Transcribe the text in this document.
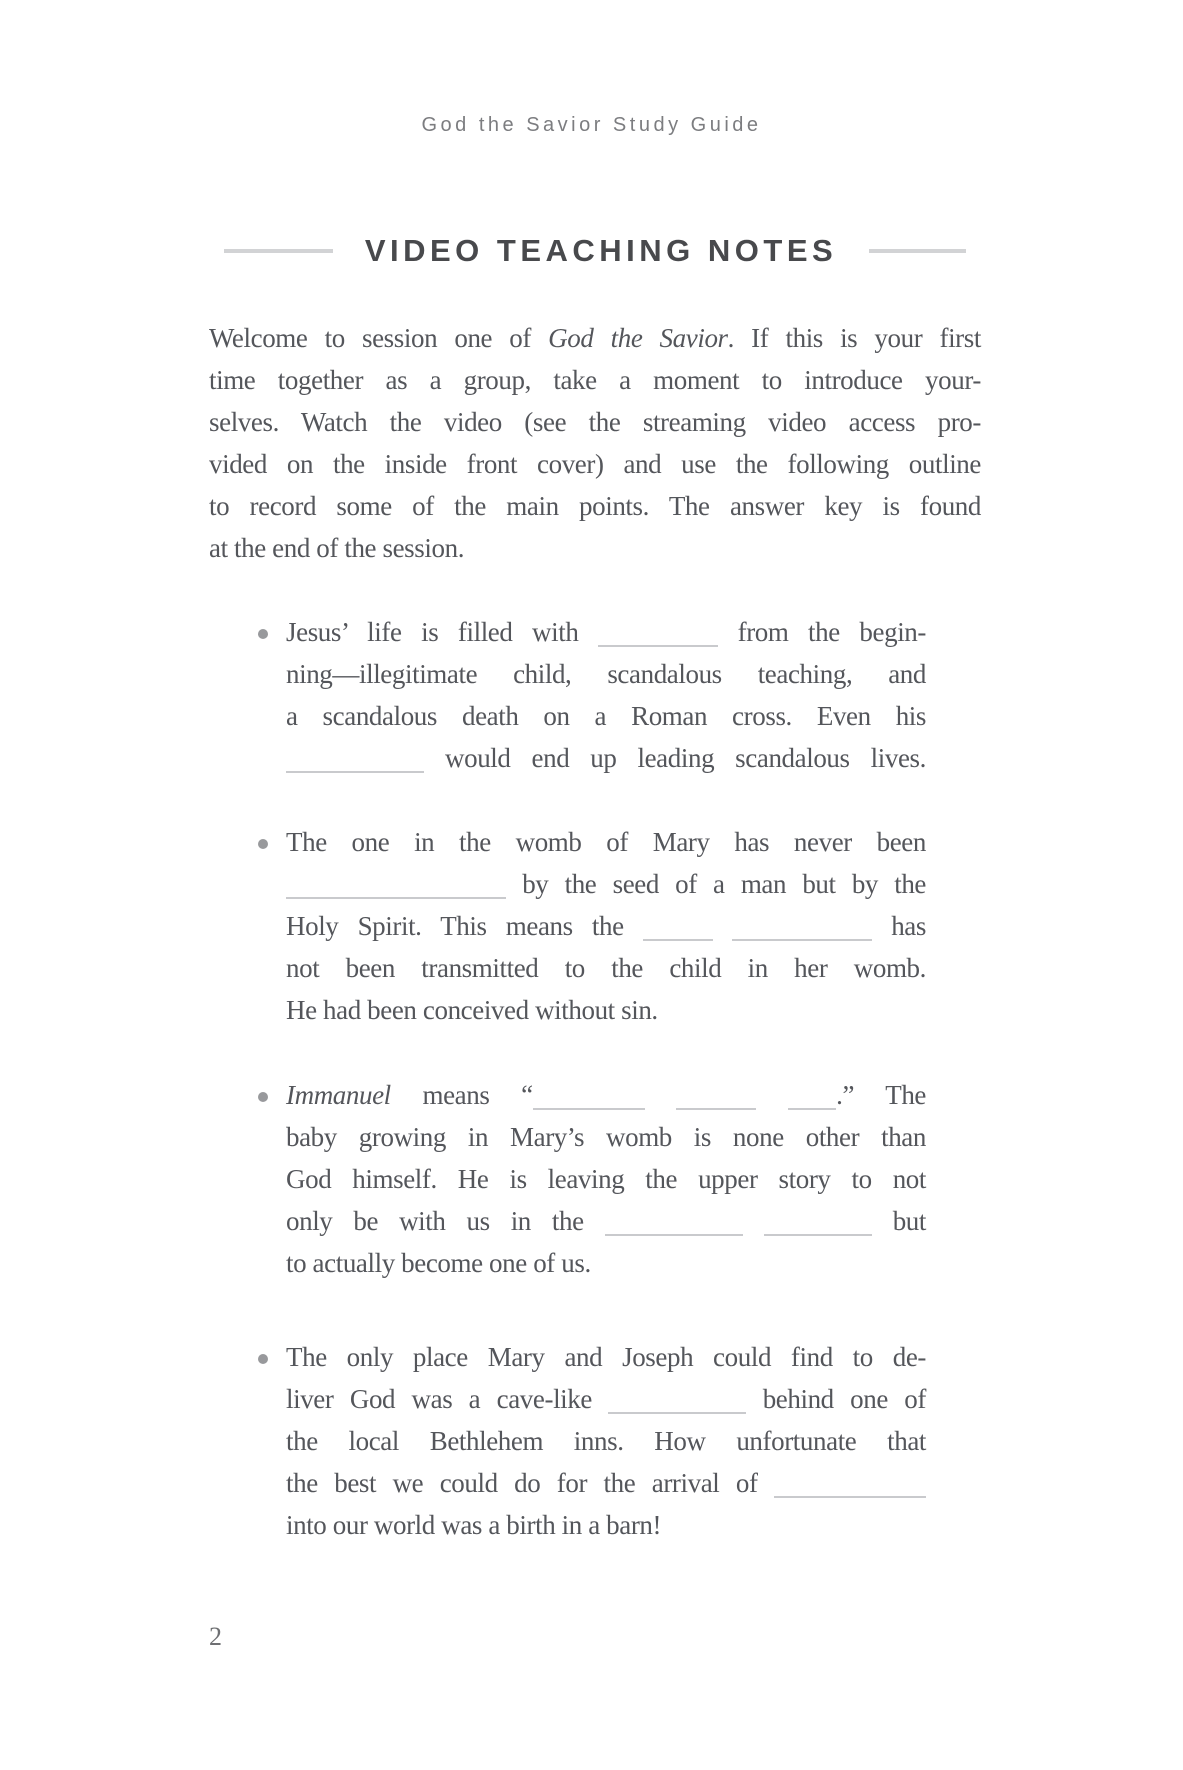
God the Savior Study Guide
VIDEO TEACHING NOTES
Welcome to session one of God the Savior. If this is your first
time together as a group, take a moment to introduce your-
selves. Watch the video (see the streaming video access pro-
vided on the inside front cover) and use the following outline
to record some of the main points. The answer key is found
at the end of the session.
Jesus’ life is filled with	from the begin-
ning—illegitimate child, scandalous teaching, and
a scandalous death on a Roman cross. Even his
would end up leading scandalous lives.
The one in the womb of Mary has never been
by the seed of a man but by the
Holy Spirit. This means the	has
not been transmitted to the child in her womb.
He had been conceived without sin.
Immanuel means “	.” The
baby growing in Mary’s womb is none other than
God himself. He is leaving the upper story to not
only be with us in the	but
to actually become one of us.
The only place Mary and Joseph could find to de-
liver God was a cave-like	behind one of
the local Bethlehem inns. How unfortunate that
the best we could do for the arrival of
into our world was a birth in a barn!
2
